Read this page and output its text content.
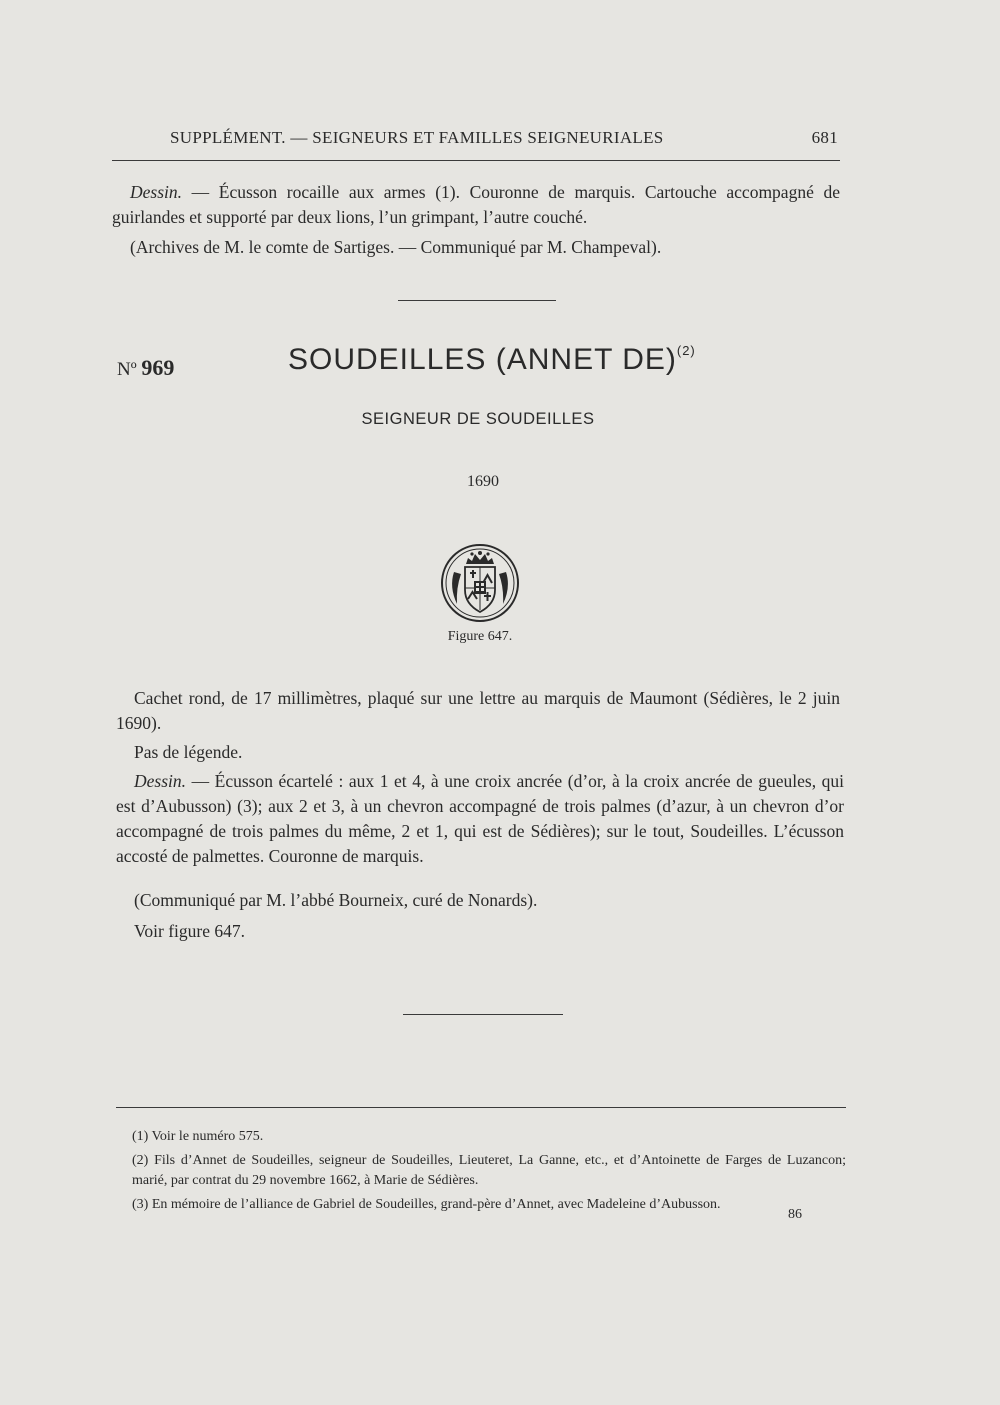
SUPPLÉMENT. — SEIGNEURS ET FAMILLES SEIGNEURIALES	681
Dessin. — Écusson rocaille aux armes (1). Couronne de marquis. Cartouche accompagné de guirlandes et supporté par deux lions, l’un grimpant, l’autre couché.
(Archives de M. le comte de Sartiges. — Communiqué par M. Champeval).
Nº 969	SOUDEILLES (ANNET DE)$^{(2)}$
SEIGNEUR DE SOUDEILLES
1690
Figure 647.
Cachet rond, de 17 millimètres, plaqué sur une lettre au marquis de Maumont (Sédières, le 2 juin 1690).
Pas de légende.
Dessin. — Écusson écartelé : aux 1 et 4, à une croix ancrée (d’or, à la croix ancrée de gueules, qui est d’Aubusson) (3); aux 2 et 3, à un chevron accompagné de trois palmes (d’azur, à un chevron d’or accompagné de trois palmes du même, 2 et 1, qui est de Sédières); sur le tout, Soudeilles. L’écusson accosté de palmettes. Couronne de marquis.
(Communiqué par M. l’abbé Bourneix, curé de Nonards).
Voir figure 647.
(1) Voir le numéro 575.
(2) Fils d’Annet de Soudeilles, seigneur de Soudeilles, Lieuteret, La Ganne, etc., et d’Antoinette de Farges de Luzancon; marié, par contrat du 29 novembre 1662, à Marie de Sédières.
(3) En mémoire de l’alliance de Gabriel de Soudeilles, grand-père d’Annet, avec Madeleine d’Aubusson.
86
